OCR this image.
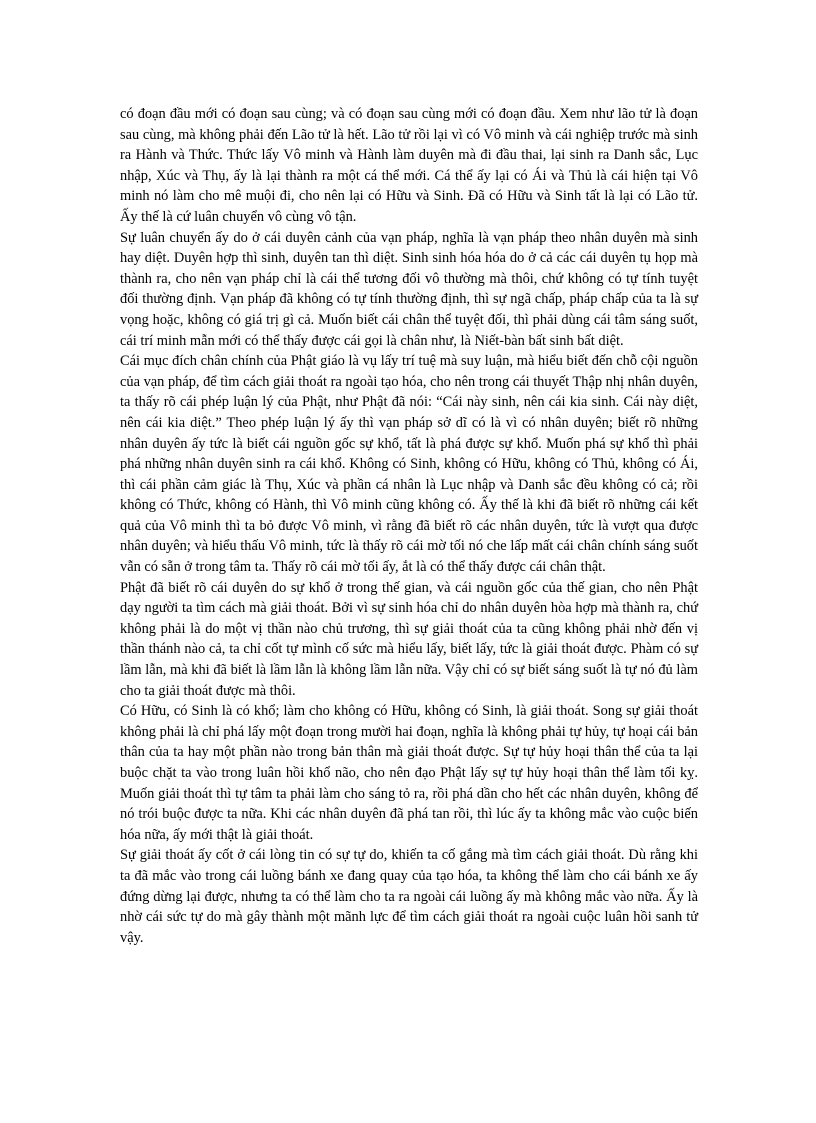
có đoạn đầu mới có đoạn sau cùng; và có đoạn sau cùng mới có đoạn đầu. Xem như lão tử là đoạn sau cùng, mà không phải đến Lão tử là hết. Lão tử rồi lại vì có Vô minh và cái nghiệp trước mà sinh ra Hành và Thức. Thức lấy Vô minh và Hành làm duyên mà đi đầu thai, lại sinh ra Danh sắc, Lục nhập, Xúc và Thụ, ấy là lại thành ra một cá thể mới. Cá thể ấy lại có Ái và Thủ là cái hiện tại Vô minh nó làm cho mê muội đi, cho nên lại có Hữu và Sinh. Đã có Hữu và Sinh tất là lại có Lão tử. Ấy thế là cứ luân chuyển vô cùng vô tận.

Sự luân chuyển ấy do ở cái duyên cảnh của vạn pháp, nghĩa là vạn pháp theo nhân duyên mà sinh hay diệt. Duyên hợp thì sinh, duyên tan thì diệt. Sinh sinh hóa hóa do ở cả các cái duyên tụ họp mà thành ra, cho nên vạn pháp chỉ là cái thể tương đối vô thường mà thôi, chứ không có tự tính tuyệt đối thường định. Vạn pháp đã không có tự tính thường định, thì sự ngã chấp, pháp chấp của ta là sự vọng hoặc, không có giá trị gì cả. Muốn biết cái chân thể tuyệt đối, thì phải dùng cái tâm sáng suốt, cái trí minh mẫn mới có thể thấy được cái gọi là chân như, là Niết-bàn bất sinh bất diệt.

Cái mục đích chân chính của Phật giáo là vụ lấy trí tuệ mà suy luận, mà hiểu biết đến chỗ cội nguồn của vạn pháp, để tìm cách giải thoát ra ngoài tạo hóa, cho nên trong cái thuyết Thập nhị nhân duyên, ta thấy rõ cái phép luận lý của Phật, như Phật đã nói: “Cái này sinh, nên cái kia sinh. Cái này diệt, nên cái kia diệt.” Theo phép luận lý ấy thì vạn pháp sở dĩ có là vì có nhân duyên; biết rõ những nhân duyên ấy tức là biết cái nguồn gốc sự khổ, tất là phá được sự khổ. Muốn phá sự khổ thì phải phá những nhân duyên sinh ra cái khổ. Không có Sinh, không có Hữu, không có Thủ, không có Ái, thì cái phần cảm giác là Thụ, Xúc và phần cá nhân là Lục nhập và Danh sắc đều không có cả; rồi không có Thức, không có Hành, thì Vô minh cũng không có. Ấy thế là khi đã biết rõ những cái kết quả của Vô minh thì ta bỏ được Vô minh, vì rằng đã biết rõ các nhân duyên, tức là vượt qua được nhân duyên; và hiểu thấu Vô minh, tức là thấy rõ cái mờ tối nó che lấp mất cái chân chính sáng suốt vẫn có sẵn ở trong tâm ta. Thấy rõ cái mờ tối ấy, ắt là có thể thấy được cái chân thật.

Phật đã biết rõ cái duyên do sự khổ ở trong thế gian, và cái nguồn gốc của thế gian, cho nên Phật dạy người ta tìm cách mà giải thoát. Bởi vì sự sinh hóa chỉ do nhân duyên hòa hợp mà thành ra, chứ không phải là do một vị thần nào chủ trương, thì sự giải thoát của ta cũng không phải nhờ đến vị thần thánh nào cả, ta chỉ cốt tự mình cố sức mà hiểu lấy, biết lấy, tức là giải thoát được. Phàm có sự lầm lẫn, mà khi đã biết là lầm lẫn là không lầm lẫn nữa. Vậy chỉ có sự biết sáng suốt là tự nó đủ làm cho ta giải thoát được mà thôi.

Có Hữu, có Sinh là có khổ; làm cho không có Hữu, không có Sinh, là giải thoát. Song sự giải thoát không phải là chỉ phá lấy một đoạn trong mười hai đoạn, nghĩa là không phải tự hủy, tự hoại cái bản thân của ta hay một phần nào trong bản thân mà giải thoát được. Sự tự hủy hoại thân thể của ta lại buộc chặt ta vào trong luân hồi khổ não, cho nên đạo Phật lấy sự tự hủy hoại thân thể làm tối kỵ. Muốn giải thoát thì tự tâm ta phải làm cho sáng tỏ ra, rồi phá dần cho hết các nhân duyên, không để nó trói buộc được ta nữa. Khi các nhân duyên đã phá tan rồi, thì lúc ấy ta không mắc vào cuộc biến hóa nữa, ấy mới thật là giải thoát.

Sự giải thoát ấy cốt ở cái lòng tin có sự tự do, khiến ta cố gắng mà tìm cách giải thoát. Dù rằng khi ta đã mắc vào trong cái luồng bánh xe đang quay của tạo hóa, ta không thể làm cho cái bánh xe ấy đứng dừng lại được, nhưng ta có thể làm cho ta ra ngoài cái luồng ấy mà không mắc vào nữa. Ấy là nhờ cái sức tự do mà gây thành một mãnh lực để tìm cách giải thoát ra ngoài cuộc luân hồi sanh tử vậy.
